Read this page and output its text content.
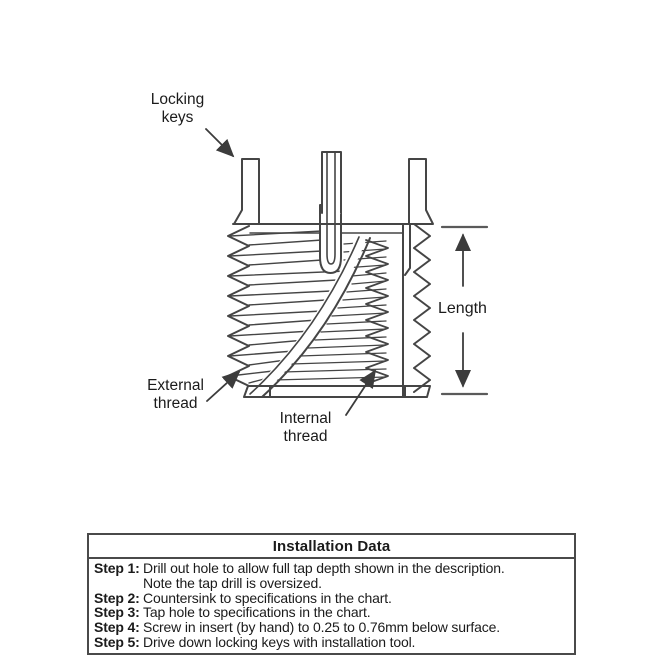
Locking
keys
Length
External
thread
Internal
thread
Installation Data
Step 1: Drill out hole to allow full tap depth shown in the description.
Note the tap drill is oversized.
Step 2: Countersink to specifications in the chart.
Step 3: Tap hole to specifications in the chart.
Step 4: Screw in insert (by hand) to 0.25 to 0.76mm below surface.
Step 5: Drive down locking keys with installation tool.
